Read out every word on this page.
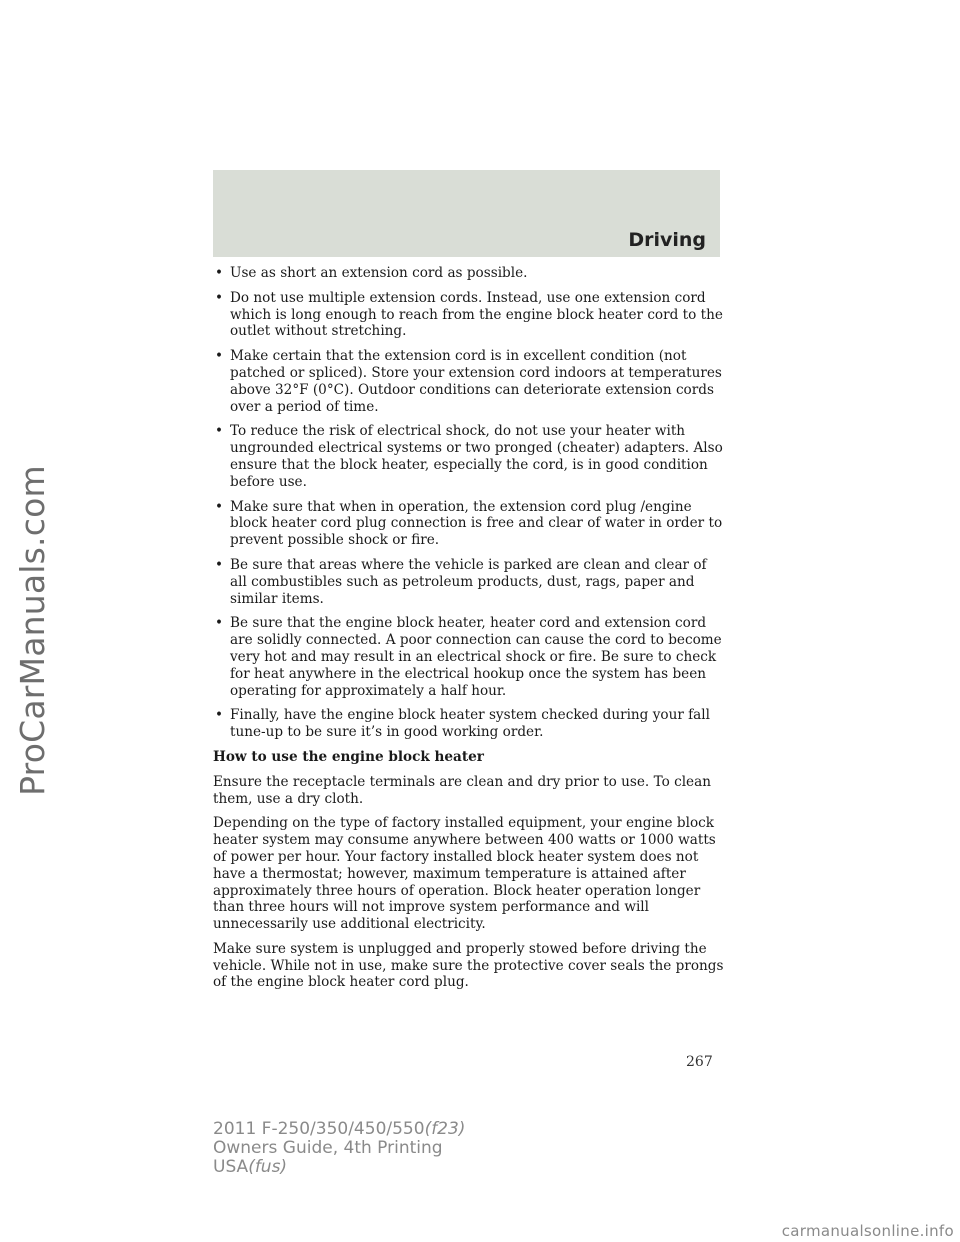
ProCarManuals.com
Driving
• Use as short an extension cord as possible.
• Do not use multiple extension cords. Instead, use one extension cord which is long enough to reach from the engine block heater cord to the outlet without stretching.
• Make certain that the extension cord is in excellent condition (not patched or spliced). Store your extension cord indoors at temperatures above 32°F (0°C). Outdoor conditions can deteriorate extension cords over a period of time.
• To reduce the risk of electrical shock, do not use your heater with ungrounded electrical systems or two pronged (cheater) adapters. Also ensure that the block heater, especially the cord, is in good condition before use.
• Make sure that when in operation, the extension cord plug /engine block heater cord plug connection is free and clear of water in order to prevent possible shock or fire.
• Be sure that areas where the vehicle is parked are clean and clear of all combustibles such as petroleum products, dust, rags, paper and similar items.
• Be sure that the engine block heater, heater cord and extension cord are solidly connected. A poor connection can cause the cord to become very hot and may result in an electrical shock or fire. Be sure to check for heat anywhere in the electrical hookup once the system has been operating for approximately a half hour.
• Finally, have the engine block heater system checked during your fall tune-up to be sure it’s in good working order.
How to use the engine block heater

Ensure the receptacle terminals are clean and dry prior to use. To clean them, use a dry cloth.

Depending on the type of factory installed equipment, your engine block heater system may consume anywhere between 400 watts or 1000 watts of power per hour. Your factory installed block heater system does not have a thermostat; however, maximum temperature is attained after approximately three hours of operation. Block heater operation longer than three hours will not improve system performance and will unnecessarily use additional electricity.

Make sure system is unplugged and properly stowed before driving the vehicle. While not in use, make sure the protective cover seals the prongs of the engine block heater cord plug.

267
2011 F-250/350/450/550(f23)
Owners Guide, 4th Printing
USA(fus)
carmanualsonline.info
